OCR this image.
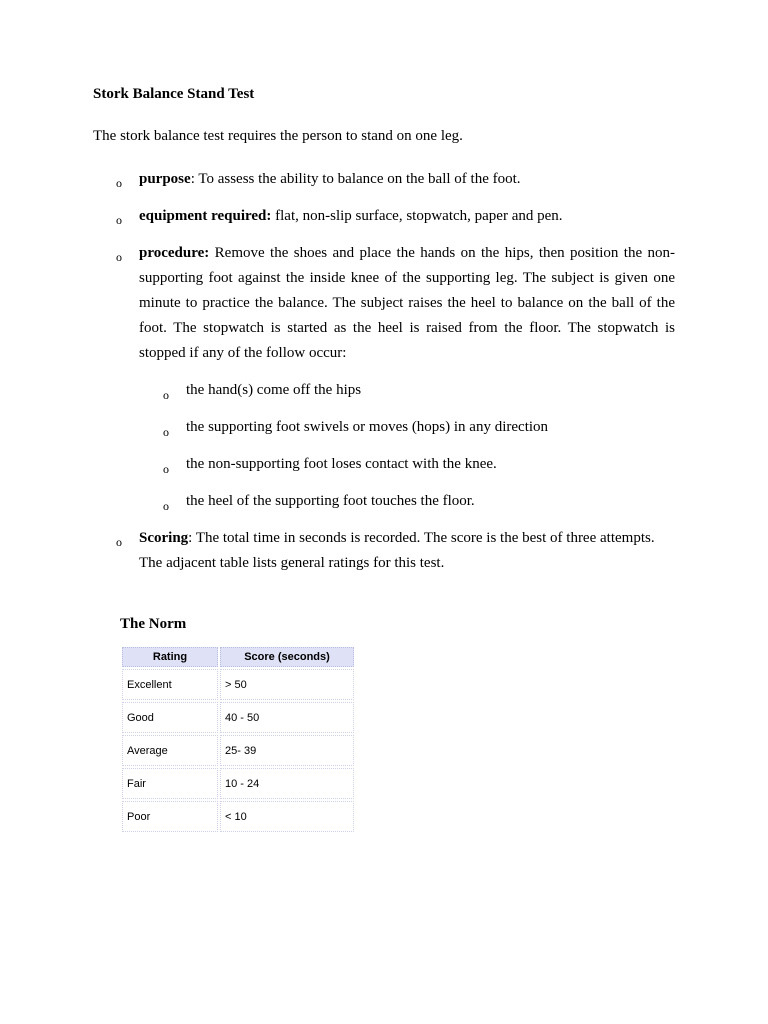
Stork Balance Stand Test
The stork balance test requires the person to stand on one leg.
o purpose: To assess the ability to balance on the ball of the foot.
o equipment required: flat, non-slip surface, stopwatch, paper and pen.
o procedure: Remove the shoes and place the hands on the hips, then position the non-supporting foot against the inside knee of the supporting leg. The subject is given one minute to practice the balance. The subject raises the heel to balance on the ball of the foot. The stopwatch is started as the heel is raised from the floor. The stopwatch is stopped if any of the follow occur:
o the hand(s) come off the hips
o the supporting foot swivels or moves (hops) in any direction
o the non-supporting foot loses contact with the knee.
o the heel of the supporting foot touches the floor.
o Scoring: The total time in seconds is recorded. The score is the best of three attempts. The adjacent table lists general ratings for this test.
The Norm
Rating	Score (seconds)
Excellent	> 50
Good	40 - 50
Average	25- 39
Fair	10 - 24
Poor	< 10
